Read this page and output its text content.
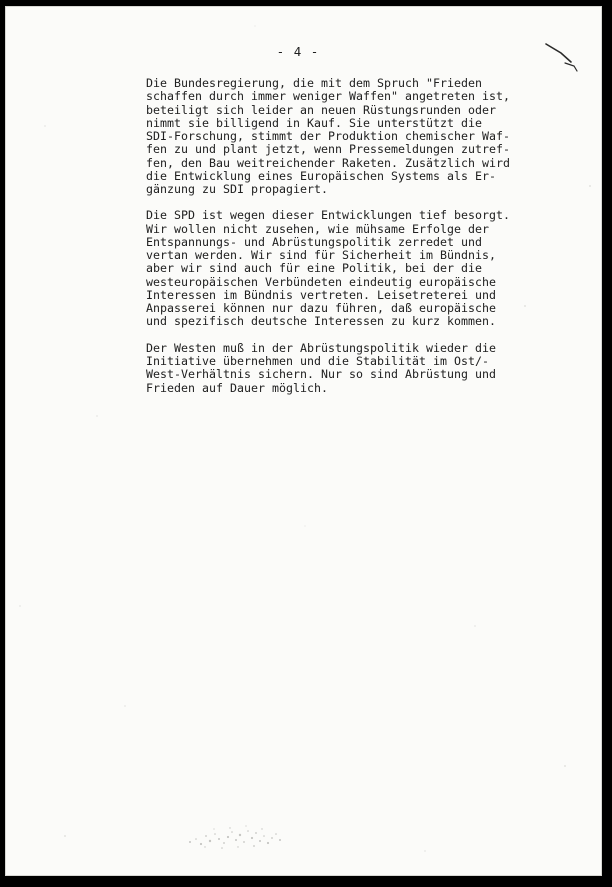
- 4 -
Die Bundesregierung, die mit dem Spruch "Frieden
schaffen durch immer weniger Waffen" angetreten ist,
beteiligt sich leider an neuen Rüstungsrunden oder
nimmt sie billigend in Kauf. Sie unterstützt die
SDI-Forschung, stimmt der Produktion chemischer Waf-
fen zu und plant jetzt, wenn Pressemeldungen zutref-
fen, den Bau weitreichender Raketen. Zusätzlich wird
die Entwicklung eines Europäischen Systems als Er-
gänzung zu SDI propagiert.
Die SPD ist wegen dieser Entwicklungen tief besorgt.
Wir wollen nicht zusehen, wie mühsame Erfolge der
Entspannungs- und Abrüstungspolitik zerredet und
vertan werden. Wir sind für Sicherheit im Bündnis,
aber wir sind auch für eine Politik, bei der die
westeuropäischen Verbündeten eindeutig europäische
Interessen im Bündnis vertreten. Leisetreterei und
Anpasserei können nur dazu führen, daß europäische
und spezifisch deutsche Interessen zu kurz kommen.
Der Westen muß in der Abrüstungspolitik wieder die
Initiative übernehmen und die Stabilität im Ost/-
West-Verhältnis sichern. Nur so sind Abrüstung und
Frieden auf Dauer möglich.
